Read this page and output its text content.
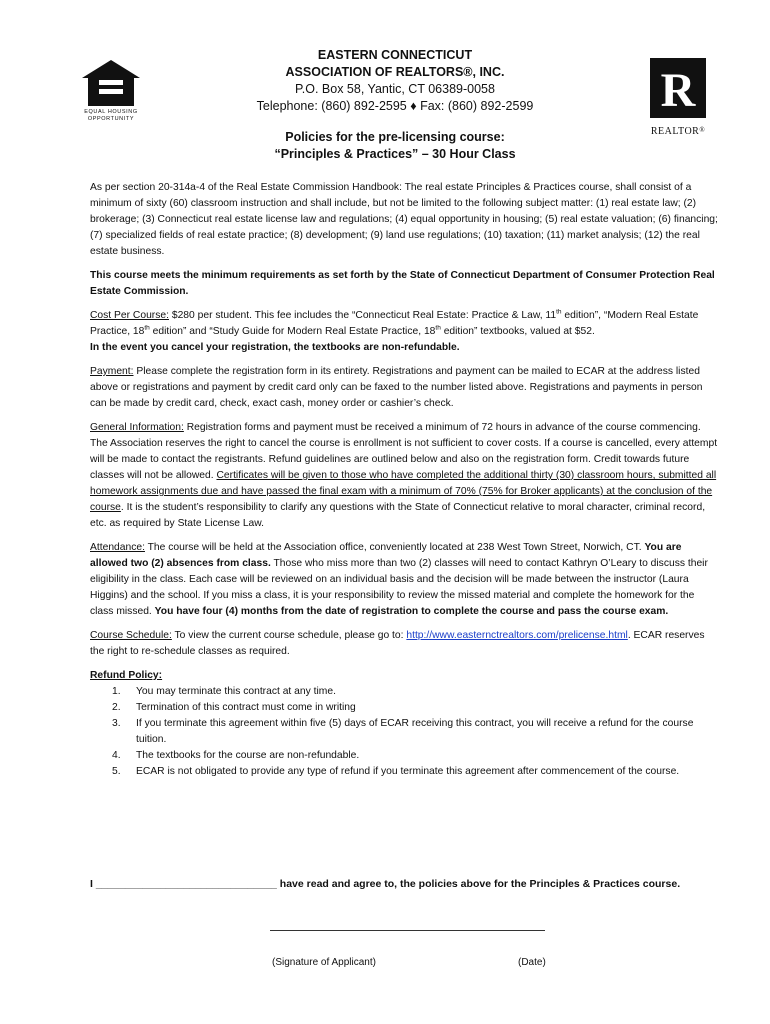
EQUAL HOUSING
OPPORTUNITY
R
REALTOR®
EASTERN CONNECTICUT
ASSOCIATION OF REALTORS®, INC.
P.O. Box 58, Yantic, CT 06389-0058
Telephone: (860) 892-2595 ♦ Fax: (860) 892-2599
Policies for the pre-licensing course:
“Principles & Practices” – 30 Hour Class

As per section 20-314a-4 of the Real Estate Commission Handbook: The real estate Principles & Practices course, shall consist of a minimum of sixty (60) classroom instruction and shall include, but not be limited to the following subject matter: (1) real estate law; (2) brokerage; (3) Connecticut real estate license law and regulations; (4) equal opportunity in housing; (5) real estate valuation; (6) financing; (7) specialized fields of real estate practice; (8) development; (9) land use regulations; (10) taxation; (11) market analysis; (12) the real estate business.

This course meets the minimum requirements as set forth by the State of Connecticut Department of Consumer Protection Real Estate Commission.

Cost Per Course: $280 per student. This fee includes the “Connecticut Real Estate: Practice & Law, 11th edition”, “Modern Real Estate Practice, 18th edition” and “Study Guide for Modern Real Estate Practice, 18th edition” textbooks, valued at $52.
In the event you cancel your registration, the textbooks are non-refundable.

Payment: Please complete the registration form in its entirety. Registrations and payment can be mailed to ECAR at the address listed above or registrations and payment by credit card only can be faxed to the number listed above. Registrations and payments in person can be made by credit card, check, exact cash, money order or cashier’s check.

General Information: Registration forms and payment must be received a minimum of 72 hours in advance of the course commencing. The Association reserves the right to cancel the course is enrollment is not sufficient to cover costs. If a course is cancelled, every attempt will be made to contact the registrants. Refund guidelines are outlined below and also on the registration form. Credit towards future classes will not be allowed. Certificates will be given to those who have completed the additional thirty (30) classroom hours, submitted all homework assignments due and have passed the final exam with a minimum of 70% (75% for Broker applicants) at the conclusion of the course. It is the student’s responsibility to clarify any questions with the State of Connecticut relative to moral character, criminal record, etc. as required by State License Law.

Attendance: The course will be held at the Association office, conveniently located at 238 West Town Street, Norwich, CT. You are allowed two (2) absences from class. Those who miss more than two (2) classes will need to contact Kathryn O’Leary to discuss their eligibility in the class. Each case will be reviewed on an individual basis and the decision will be made between the instructor (Laura Higgins) and the school. If you miss a class, it is your responsibility to review the missed material and complete the homework for the class missed. You have four (4) months from the date of registration to complete the course and pass the course exam.

Course Schedule: To view the current course schedule, please go to: http://www.easternctrealtors.com/prelicense.html. ECAR reserves the right to re-schedule classes as required.

Refund Policy:
1. You may terminate this contract at any time.
2. Termination of this contract must come in writing
3. If you terminate this agreement within five (5) days of ECAR receiving this contract, you will receive a refund for the course tuition.
4. The textbooks for the course are non-refundable.
5. ECAR is not obligated to provide any type of refund if you terminate this agreement after commencement of the course.
I _______________________________ have read and agree to, the policies above for the Principles & Practices course.
(Signature of Applicant)	(Date)
